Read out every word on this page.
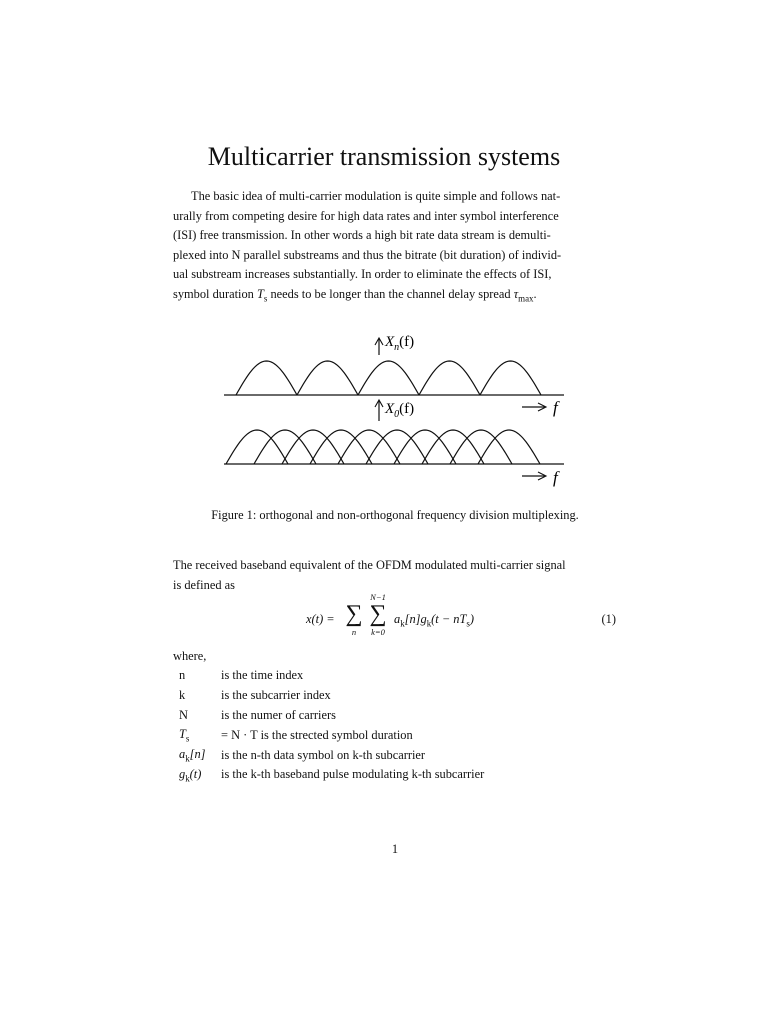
Multicarrier transmission systems
The basic idea of multi-carrier modulation is quite simple and follows nat-
urally from competing desire for high data rates and inter symbol interference
(ISI) free transmission. In other words a high bit rate data stream is demulti-
plexed into N parallel substreams and thus the bitrate (bit duration) of individ-
ual substream increases substantially. In order to eliminate the effects of ISI,
symbol duration $T_s$ needs to be longer than the channel delay spread $\tau_{max}$.
$X_n(f)$
$X_0(f)$	f
f

Figure 1: orthogonal and non-orthogonal frequency division multiplexing.

The received baseband equivalent of the OFDM modulated multi-carrier signal
is defined as
x(t) = ∑
n
N−1
∑
k=0
$a_k[n]g_k(t - nT_s)$	(1)
where,
n	is the time index
k	is the subcarrier index
N	is the numer of carriers
$T_s$	= N · T is the strected symbol duration
$a_k[n]$	is the n-th data symbol on k-th subcarrier
$g_k(t)$	is the k-th baseband pulse modulating k-th subcarrier
1
